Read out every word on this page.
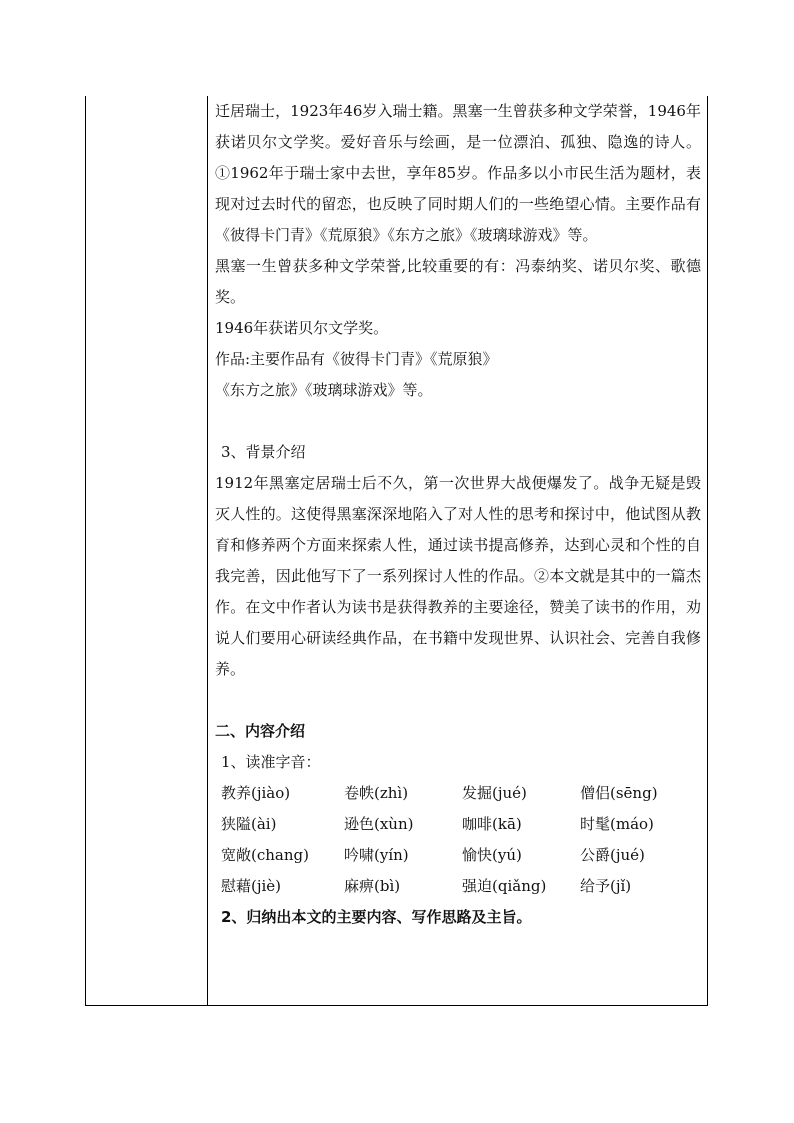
迁居瑞士，1923年46岁入瑞士籍。黑塞一生曾获多种文学荣誉，1946年获诺贝尔文学奖。爱好音乐与绘画，是一位漂泊、孤独、隐逸的诗人。①1962年于瑞士家中去世，享年85岁。作品多以小市民生活为题材，表现对过去时代的留恋，也反映了同时期人们的一些绝望心情。主要作品有《彼得卡门青》《荒原狼》《东方之旅》《玻璃球游戏》等。

黑塞一生曾获多种文学荣誉,比较重要的有：冯泰纳奖、诺贝尔奖、歌德奖。

1946年获诺贝尔文学奖。

作品:主要作品有《彼得卡门青》《荒原狼》

《东方之旅》《玻璃球游戏》等。

3、背景介绍

1912年黑塞定居瑞士后不久，第一次世界大战便爆发了。战争无疑是毁灭人性的。这使得黑塞深深地陷入了对人性的思考和探讨中，他试图从教育和修养两个方面来探索人性，通过读书提高修养，达到心灵和个性的自我完善，因此他写下了一系列探讨人性的作品。②本文就是其中的一篇杰作。在文中作者认为读书是获得教养的主要途径，赞美了读书的作用，劝说人们要用心研读经典作品，在书籍中发现世界、认识社会、完善自我修养。

二、内容介绍

1、读准字音：

教养(jiào)	卷帙(zhì)	发掘(jué)	僧侣(sēng)
狭隘(ài)	逊色(xùn)	咖啡(kā)	时髦(máo)
宽敞(chang)	吟啸(yín)	愉快(yú)	公爵(jué)
慰藉(jiè)	麻痹(bì)	强迫(qiǎng)	给予(jǐ)

2、归纳出本文的主要内容、写作思路及主旨。
